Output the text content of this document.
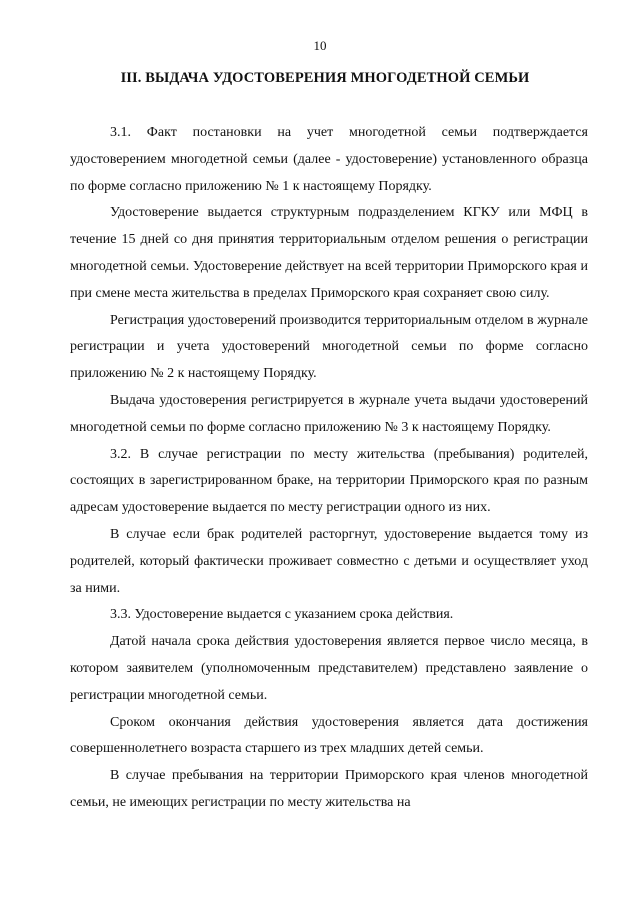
10
III. ВЫДАЧА УДОСТОВЕРЕНИЯ МНОГОДЕТНОЙ СЕМЬИ

3.1. Факт постановки на учет многодетной семьи подтверждается удостоверением многодетной семьи (далее - удостоверение) установленного образца по форме согласно приложению № 1 к настоящему Порядку.

Удостоверение выдается структурным подразделением КГКУ или МФЦ в течение 15 дней со дня принятия территориальным отделом решения о регистрации многодетной семьи. Удостоверение действует на всей территории Приморского края и при смене места жительства в пределах Приморского края сохраняет свою силу.

Регистрация удостоверений производится территориальным отделом в журнале регистрации и учета удостоверений многодетной семьи по форме согласно приложению № 2 к настоящему Порядку.

Выдача удостоверения регистрируется в журнале учета выдачи удостоверений многодетной семьи по форме согласно приложению № 3 к настоящему Порядку.

3.2. В случае регистрации по месту жительства (пребывания) родителей, состоящих в зарегистрированном браке, на территории Приморского края по разным адресам удостоверение выдается по месту регистрации одного из них.

В случае если брак родителей расторгнут, удостоверение выдается тому из родителей, который фактически проживает совместно с детьми и осуществляет уход за ними.

3.3. Удостоверение выдается с указанием срока действия.

Датой начала срока действия удостоверения является первое число месяца, в котором заявителем (уполномоченным представителем) представлено заявление о регистрации многодетной семьи.

Сроком окончания действия удостоверения является дата достижения совершеннолетнего возраста старшего из трех младших детей семьи.

В случае пребывания на территории Приморского края членов многодетной семьи, не имеющих регистрации по месту жительства на
